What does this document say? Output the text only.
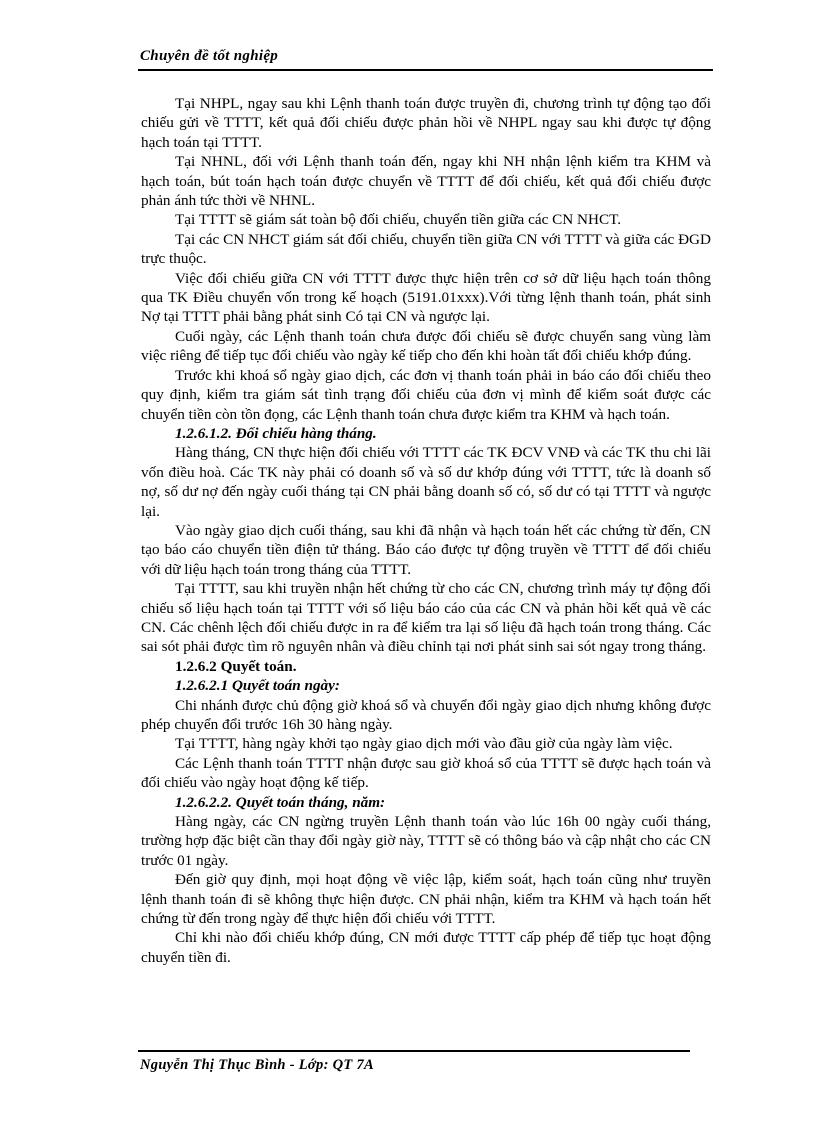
Chuyên đề tốt nghiệp

Tại NHPL, ngay sau khi Lệnh thanh toán được truyền đi, chương trình tự động tạo đối chiếu gửi về TTTT, kết quả đối chiếu được phản hồi về NHPL ngay sau khi được tự động hạch toán tại TTTT.

Tại NHNL, đối với Lệnh thanh toán đến, ngay khi NH nhận lệnh kiểm tra KHM và hạch toán, bút toán hạch toán được chuyển về TTTT để đối chiếu, kết quả đối chiếu được phản ánh tức thời về NHNL.

Tại TTTT sẽ giám sát toàn bộ đối chiếu, chuyển tiền giữa các CN NHCT.

Tại các CN NHCT giám sát đối chiếu, chuyển tiền giữa CN với TTTT và giữa các ĐGD trực thuộc.

Việc đối chiếu giữa CN với TTTT được thực hiện trên cơ sở dữ liệu hạch toán thông qua TK Điều chuyển vốn trong kế hoạch (5191.01xxx).Với từng lệnh thanh toán, phát sinh Nợ tại TTTT phải bằng phát sinh Có tại CN và ngược lại.

Cuối ngày, các Lệnh thanh toán chưa được đối chiếu sẽ được chuyển sang vùng làm việc riêng để tiếp tục đối chiếu vào ngày kế tiếp cho đến khi hoàn tất đối chiếu khớp đúng.

Trước khi khoá sổ ngày giao dịch, các đơn vị thanh toán phải in báo cáo đối chiếu theo quy định, kiểm tra giám sát tình trạng đối chiếu của đơn vị mình để kiểm soát được các chuyển tiền còn tồn đọng, các Lệnh thanh toán chưa được kiểm tra KHM và hạch toán.

1.2.6.1.2. Đối chiếu hàng tháng.

Hàng tháng, CN thực hiện đối chiếu với TTTT các TK ĐCV VNĐ và các TK thu chi lãi vốn điều hoà. Các TK này phải có doanh số và số dư khớp đúng với TTTT, tức là doanh số nợ, số dư nợ đến ngày cuối tháng tại CN phải bằng doanh số có, số dư có tại TTTT và ngược lại.

Vào ngày giao dịch cuối tháng, sau khi đã nhận và hạch toán hết các chứng từ đến, CN tạo báo cáo chuyển tiền điện tử tháng. Báo cáo được tự động truyền về TTTT để đối chiếu với dữ liệu hạch toán trong tháng của TTTT.

Tại TTTT, sau khi truyền nhận hết chứng từ cho các CN, chương trình máy tự động đối chiếu số liệu hạch toán tại TTTT với số liệu báo cáo của các CN và phản hồi kết quả về các CN. Các chênh lệch đối chiếu được in ra để kiểm tra lại số liệu đã hạch toán trong tháng. Các sai sót phải được tìm rõ nguyên nhân và điều chỉnh tại nơi phát sinh sai sót ngay trong tháng.

1.2.6.2 Quyết toán.

1.2.6.2.1 Quyết toán ngày:

Chi nhánh được chủ động giờ khoá sổ và chuyển đổi ngày giao dịch nhưng không được phép chuyển đổi trước 16h 30 hàng ngày.

Tại TTTT, hàng ngày khởi tạo ngày giao dịch mới vào đầu giờ của ngày làm việc.

Các Lệnh thanh toán TTTT nhận được sau giờ khoá sổ của TTTT sẽ được hạch toán và đối chiếu vào ngày hoạt động kế tiếp.

1.2.6.2.2. Quyết toán tháng, năm:

Hàng ngày, các CN ngừng truyền Lệnh thanh toán vào lúc 16h 00 ngày cuối tháng, trường hợp đặc biệt cần thay đổi ngày giờ này, TTTT sẽ có thông báo và cập nhật cho các CN trước 01 ngày.

Đến giờ quy định, mọi hoạt động về việc lập, kiểm soát, hạch toán cũng như truyền lệnh thanh toán đi sẽ không thực hiện được. CN phải nhận, kiểm tra KHM và hạch toán hết chứng từ đến trong ngày để thực hiện đối chiếu với TTTT.

Chỉ khi nào đối chiếu khớp đúng, CN mới được TTTT cấp phép để tiếp tục hoạt động chuyển tiền đi.

Nguyễn Thị Thục Bình - Lớp: QT 7A
